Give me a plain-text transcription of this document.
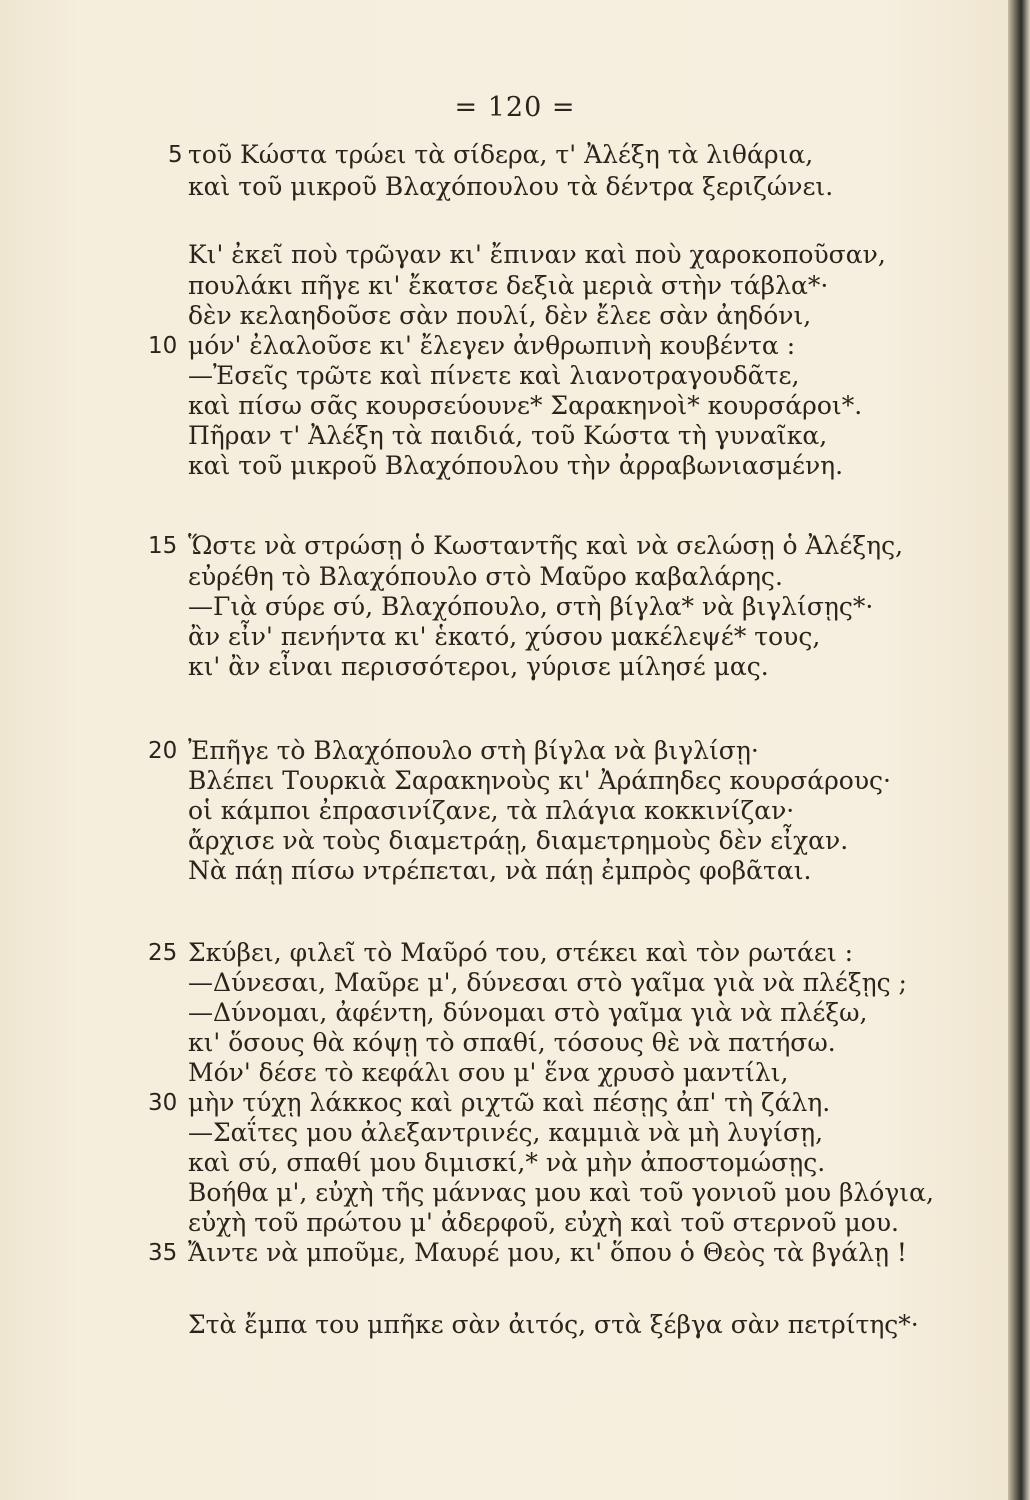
= 120 =
5 τοῦ Κώστα τρώει τὰ σίδερα, τ' Ἀλέξη τὰ λιθάρια,
καὶ τοῦ μικροῦ Βλαχόπουλου τὰ δέντρα ξεριζώνει.
Κι' ἐκεῖ ποὺ τρῶγαν κι' ἔπιναν καὶ ποὺ χαροκοποῦσαν,
πουλάκι πῆγε κι' ἔκατσε δεξιὰ μεριὰ στὴν τάβλα*·
δὲν κελαηδοῦσε σὰν πουλί, δὲν ἔλεε σὰν ἀηδόνι,
10 μόν' ἐλαλοῦσε κι' ἔλεγεν ἀνθρωπινὴ κουβέντα :
—Ἐσεῖς τρῶτε καὶ πίνετε καὶ λιανοτραγουδᾶτε,
καὶ πίσω σᾶς κουρσεύουνε* Σαρακηνοὶ* κουρσάροι*.
Πῆραν τ' Ἀλέξη τὰ παιδιά, τοῦ Κώστα τὴ γυναῖκα,
καὶ τοῦ μικροῦ Βλαχόπουλου τὴν ἀρραβωνιασμένη.
15 Ὥστε νὰ στρώσῃ ὁ Κωσταντῆς καὶ νὰ σελώσῃ ὁ Ἀλέξης,
εὐρέθη τὸ Βλαχόπουλο στὸ Μαῦρο καβαλάρης.
—Γιὰ σύρε σύ, Βλαχόπουλο, στὴ βίγλα* νὰ βιγλίσῃς*·
ἂν εἶν' πενήντα κι' ἑκατό, χύσου μακέλεψέ* τους,
κι' ἂν εἶναι περισσότεροι, γύρισε μίλησέ μας.
20 Ἐπῆγε τὸ Βλαχόπουλο στὴ βίγλα νὰ βιγλίσῃ·
Βλέπει Τουρκιὰ Σαρακηνοὺς κι' Ἀράπηδες κουρσάρους·
οἱ κάμποι ἐπρασινίζανε, τὰ πλάγια κοκκινίζαν·
ἄρχισε νὰ τοὺς διαμετράῃ, διαμετρημοὺς δὲν εἶχαν.
Νὰ πάῃ πίσω ντρέπεται, νὰ πάῃ ἐμπρὸς φοβᾶται.
25 Σκύβει, φιλεῖ τὸ Μαῦρό του, στέκει καὶ τὸν ρωτάει :
—Δύνεσαι, Μαῦρε μ', δύνεσαι στὸ γαῖμα γιὰ νὰ πλέξῃς ;
—Δύνομαι, ἀφέντη, δύνομαι στὸ γαῖμα γιὰ νὰ πλέξω,
κι' ὅσους θὰ κόψῃ τὸ σπαθί, τόσους θὲ νὰ πατήσω.
Μόν' δέσε τὸ κεφάλι σου μ' ἕνα χρυσὸ μαντίλι,
30 μὴν τύχῃ λάκκος καὶ ριχτῶ καὶ πέσῃς ἀπ' τὴ ζάλη.
—Σαΐτες μου ἀλεξαντρινές, καμμιὰ νὰ μὴ λυγίσῃ,
καὶ σύ, σπαθί μου διμισκί,* νὰ μὴν ἀποστομώσῃς.
Βοήθα μ', εὐχὴ τῆς μάννας μου καὶ τοῦ γονιοῦ μου βλόγια,
εὐχὴ τοῦ πρώτου μ' ἀδερφοῦ, εὐχὴ καὶ τοῦ στερνοῦ μου.
35 Ἄιντε νὰ μποῦμε, Μαυρέ μου, κι' ὅπου ὁ Θεὸς τὰ βγάλῃ !
Στὰ ἔμπα του μπῆκε σὰν ἀιτός, στὰ ξέβγα σὰν πετρίτης*·
